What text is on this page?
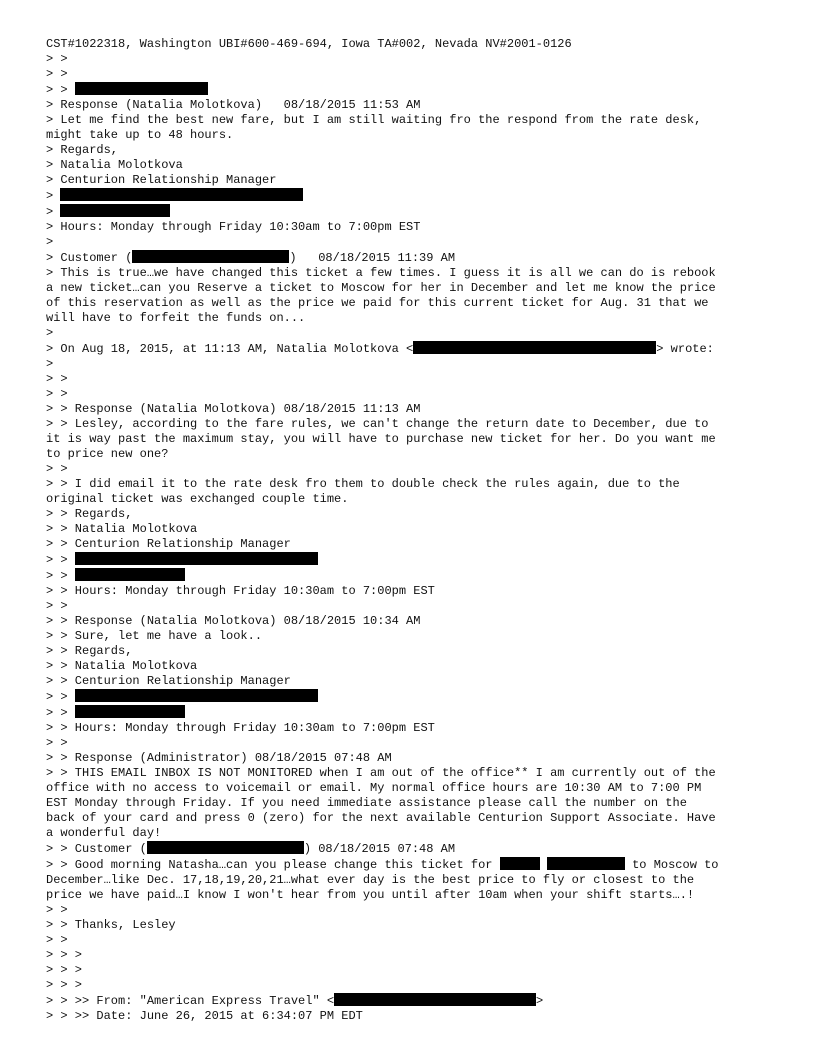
CST#1022318, Washington UBI#600-469-694, Iowa TA#002, Nevada NV#2001-0126
> >
> >
> >
> Response (Natalia Molotkova)   08/18/2015 11:53 AM
> Let me find the best new fare, but I am still waiting fro the respond from the rate desk,
might take up to 48 hours.
> Regards,
> Natalia Molotkova
> Centurion Relationship Manager
>
>
> Hours: Monday through Friday 10:30am to 7:00pm EST
>
> Customer (	)   08/18/2015 11:39 AM
> This is true…we have changed this ticket a few times. I guess it is all we can do is rebook
a new ticket…can you Reserve a ticket to Moscow for her in December and let me know the price
of this reservation as well as the price we paid for this current ticket for Aug. 31 that we
will have to forfeit the funds on...
>
> On Aug 18, 2015, at 11:13 AM, Natalia Molotkova <	> wrote:
>
> >
> >
> > Response (Natalia Molotkova) 08/18/2015 11:13 AM
> > Lesley, according to the fare rules, we can't change the return date to December, due to
it is way past the maximum stay, you will have to purchase new ticket for her. Do you want me
to price new one?
> >
> > I did email it to the rate desk fro them to double check the rules again, due to the
original ticket was exchanged couple time.
> > Regards,
> > Natalia Molotkova
> > Centurion Relationship Manager
> >
> >
> > Hours: Monday through Friday 10:30am to 7:00pm EST
> >
> > Response (Natalia Molotkova) 08/18/2015 10:34 AM
> > Sure, let me have a look..
> > Regards,
> > Natalia Molotkova
> > Centurion Relationship Manager
> >
> >
> > Hours: Monday through Friday 10:30am to 7:00pm EST
> >
> > Response (Administrator) 08/18/2015 07:48 AM
> > THIS EMAIL INBOX IS NOT MONITORED when I am out of the office** I am currently out of the
office with no access to voicemail or email. My normal office hours are 10:30 AM to 7:00 PM
EST Monday through Friday. If you need immediate assistance please call the number on the
back of your card and press 0 (zero) for the next available Centurion Support Associate. Have
a wonderful day!
> > Customer (	) 08/18/2015 07:48 AM
> > Good morning Natasha…can you please change this ticket for	to Moscow to
December…like Dec. 17,18,19,20,21…what ever day is the best price to fly or closest to the
price we have paid…I know I won't hear from you until after 10am when your shift starts….!
> >
> > Thanks, Lesley
> >
> > >
> > >
> > >
> > >> From: "American Express Travel" <	>
> > >> Date: June 26, 2015 at 6:34:07 PM EDT
